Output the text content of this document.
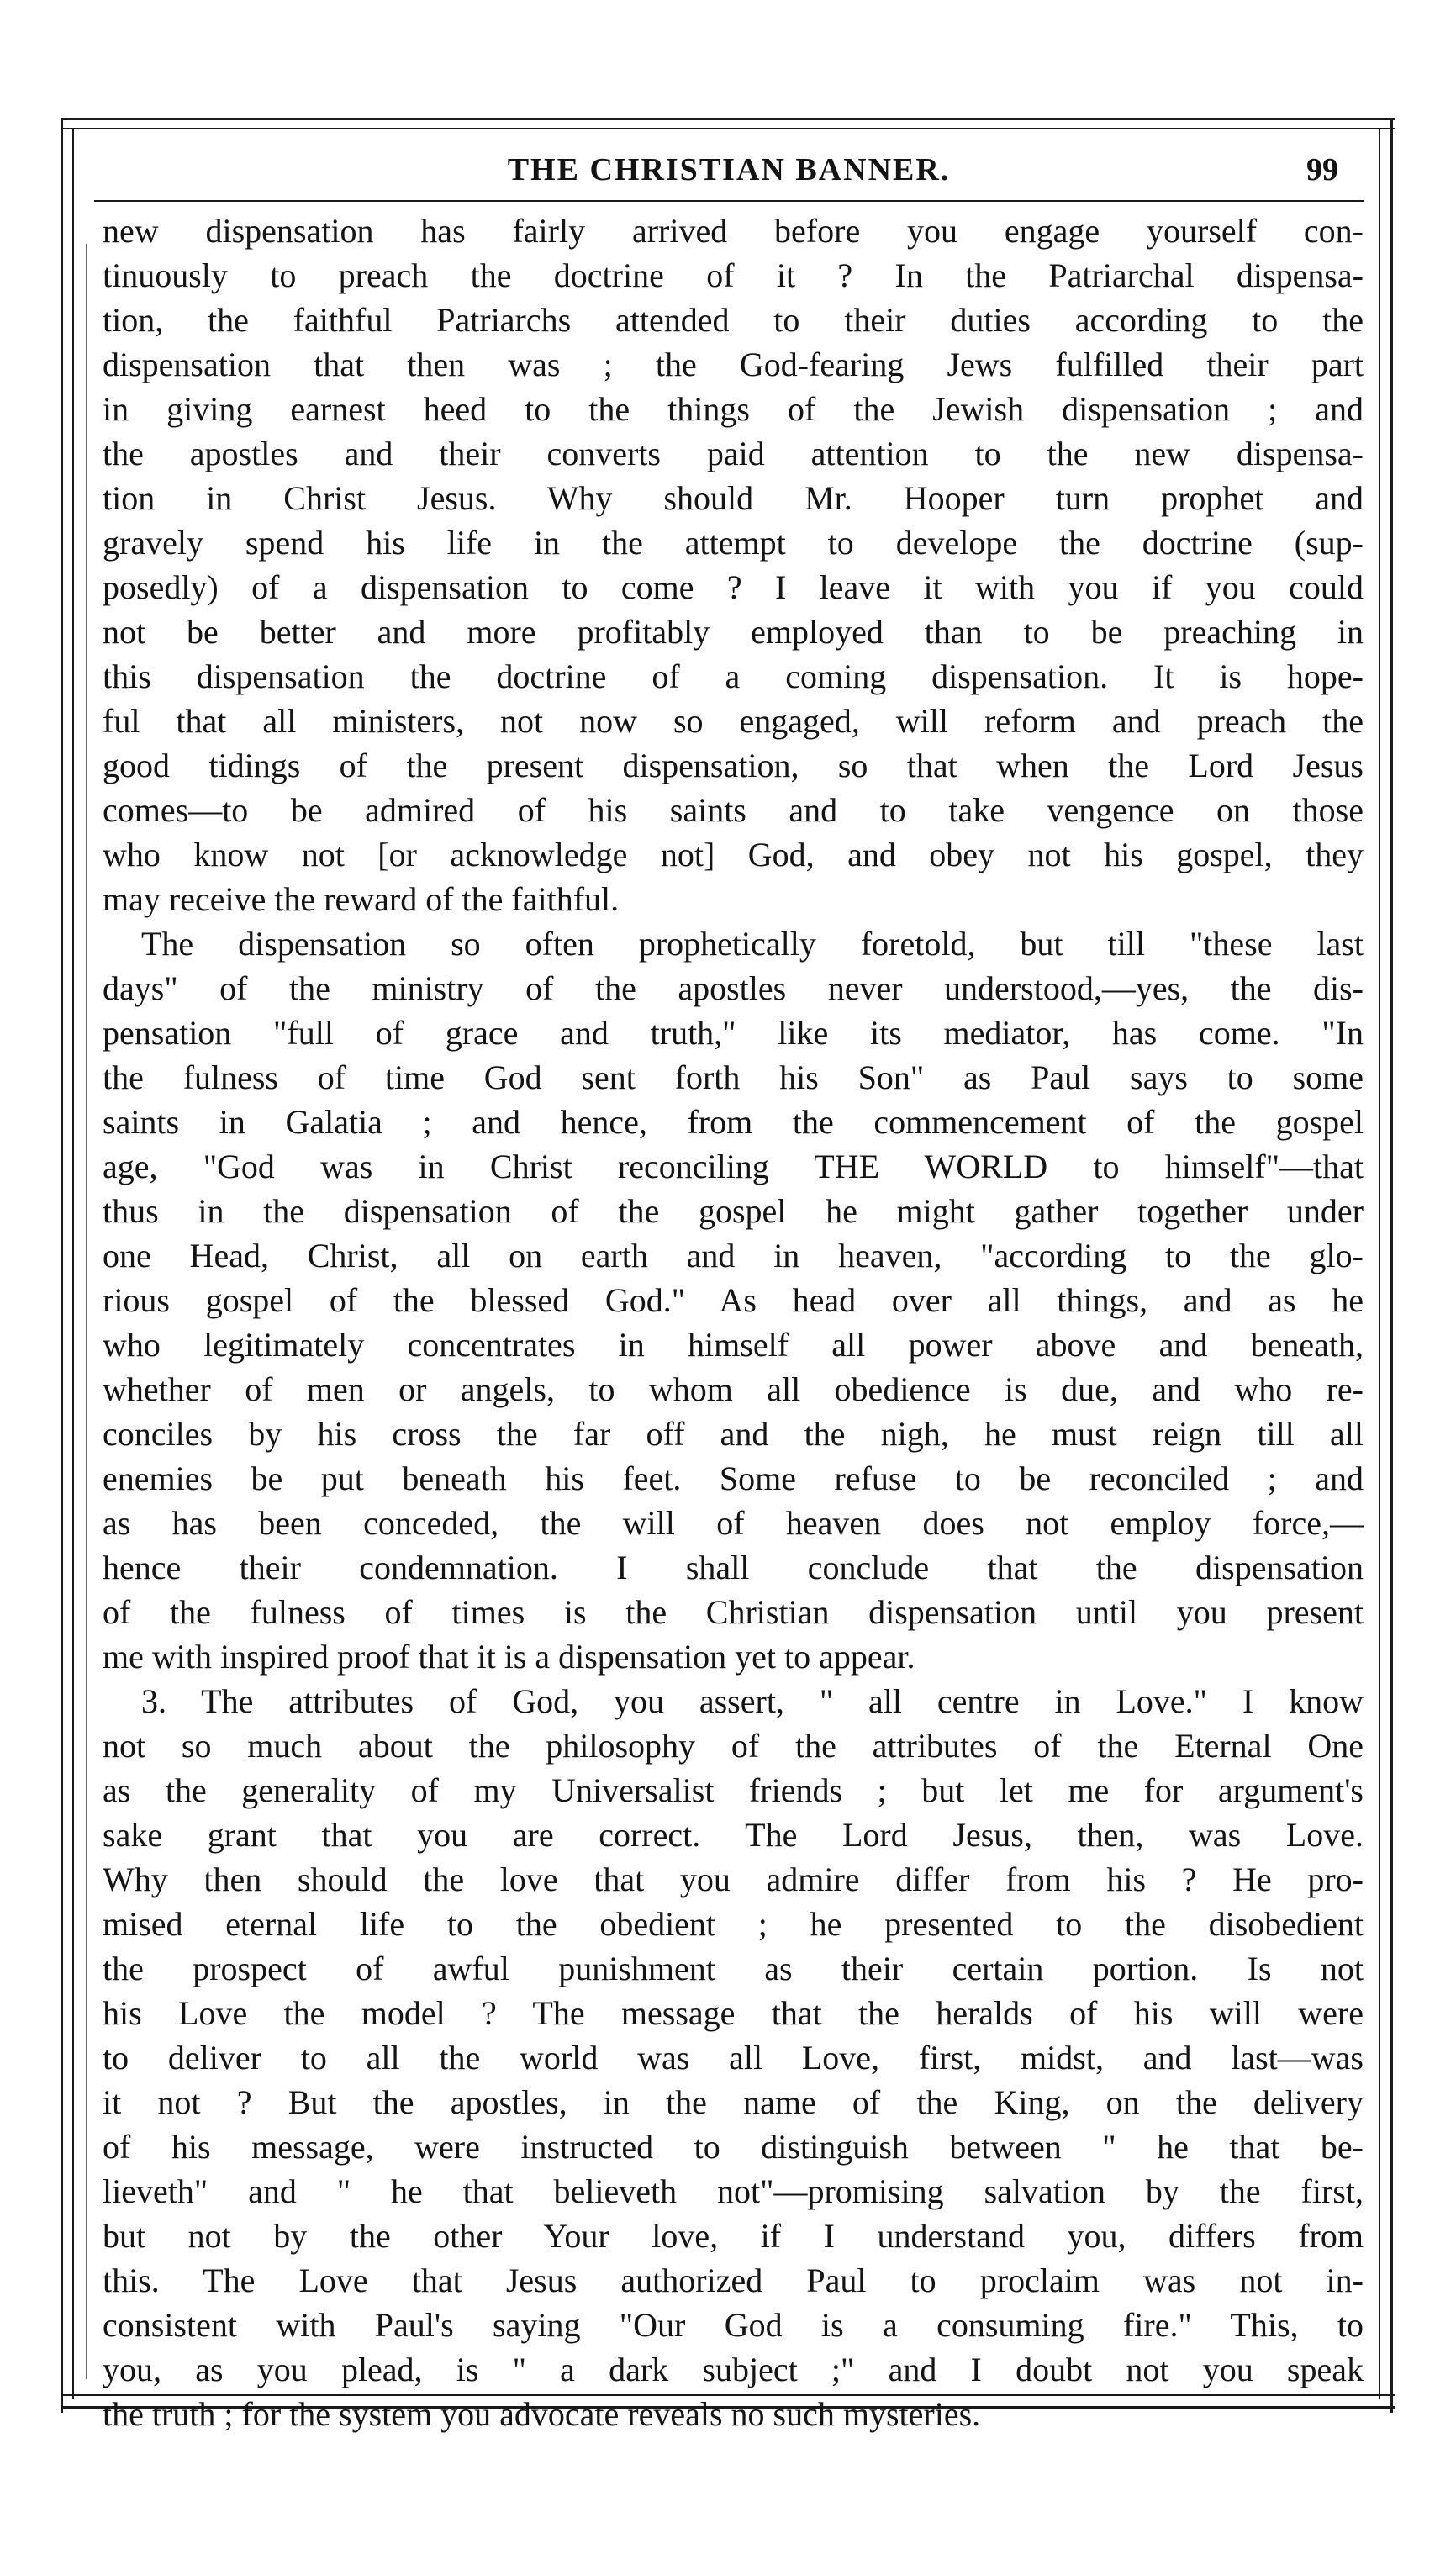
THE CHRISTIAN BANNER.	99
new dispensation has fairly arrived before you engage yourself con-
tinuously to preach the doctrine of it ? In the Patriarchal dispensa-
tion, the faithful Patriarchs attended to their duties according to the
dispensation that then was ; the God-fearing Jews fulfilled their part
in giving earnest heed to the things of the Jewish dispensation ; and
the apostles and their converts paid attention to the new dispensa-
tion in Christ Jesus. Why should Mr. Hooper turn prophet and
gravely spend his life in the attempt to develope the doctrine (sup-
posedly) of a dispensation to come ? I leave it with you if you could
not be better and more profitably employed than to be preaching in
this dispensation the doctrine of a coming dispensation. It is hope-
ful that all ministers, not now so engaged, will reform and preach the
good tidings of the present dispensation, so that when the Lord Jesus
comes—to be admired of his saints and to take vengence on those
who know not [or acknowledge not] God, and obey not his gospel, they
may receive the reward of the faithful.
The dispensation so often prophetically foretold, but till "these last
days" of the ministry of the apostles never understood,—yes, the dis-
pensation "full of grace and truth," like its mediator, has come. "In
the fulness of time God sent forth his Son" as Paul says to some
saints in Galatia ; and hence, from the commencement of the gospel
age, "God was in Christ reconciling THE WORLD to himself"—that
thus in the dispensation of the gospel he might gather together under
one Head, Christ, all on earth and in heaven, "according to the glo-
rious gospel of the blessed God." As head over all things, and as he
who legitimately concentrates in himself all power above and beneath,
whether of men or angels, to whom all obedience is due, and who re-
conciles by his cross the far off and the nigh, he must reign till all
enemies be put beneath his feet. Some refuse to be reconciled ; and
as has been conceded, the will of heaven does not employ force,—
hence their condemnation. I shall conclude that the dispensation
of the fulness of times is the Christian dispensation until you present
me with inspired proof that it is a dispensation yet to appear.
3. The attributes of God, you assert, " all centre in Love." I know
not so much about the philosophy of the attributes of the Eternal One
as the generality of my Universalist friends ; but let me for argument's
sake grant that you are correct. The Lord Jesus, then, was Love.
Why then should the love that you admire differ from his ? He pro-
mised eternal life to the obedient ; he presented to the disobedient
the prospect of awful punishment as their certain portion. Is not
his Love the model ? The message that the heralds of his will were
to deliver to all the world was all Love, first, midst, and last—was
it not ? But the apostles, in the name of the King, on the delivery
of his message, were instructed to distinguish between " he that be-
lieveth" and " he that believeth not"—promising salvation by the first,
but not by the other Your love, if I understand you, differs from
this. The Love that Jesus authorized Paul to proclaim was not in-
consistent with Paul's saying "Our God is a consuming fire." This, to
you, as you plead, is " a dark subject ;" and I doubt not you speak
the truth ; for the system you advocate reveals no such mysteries.
